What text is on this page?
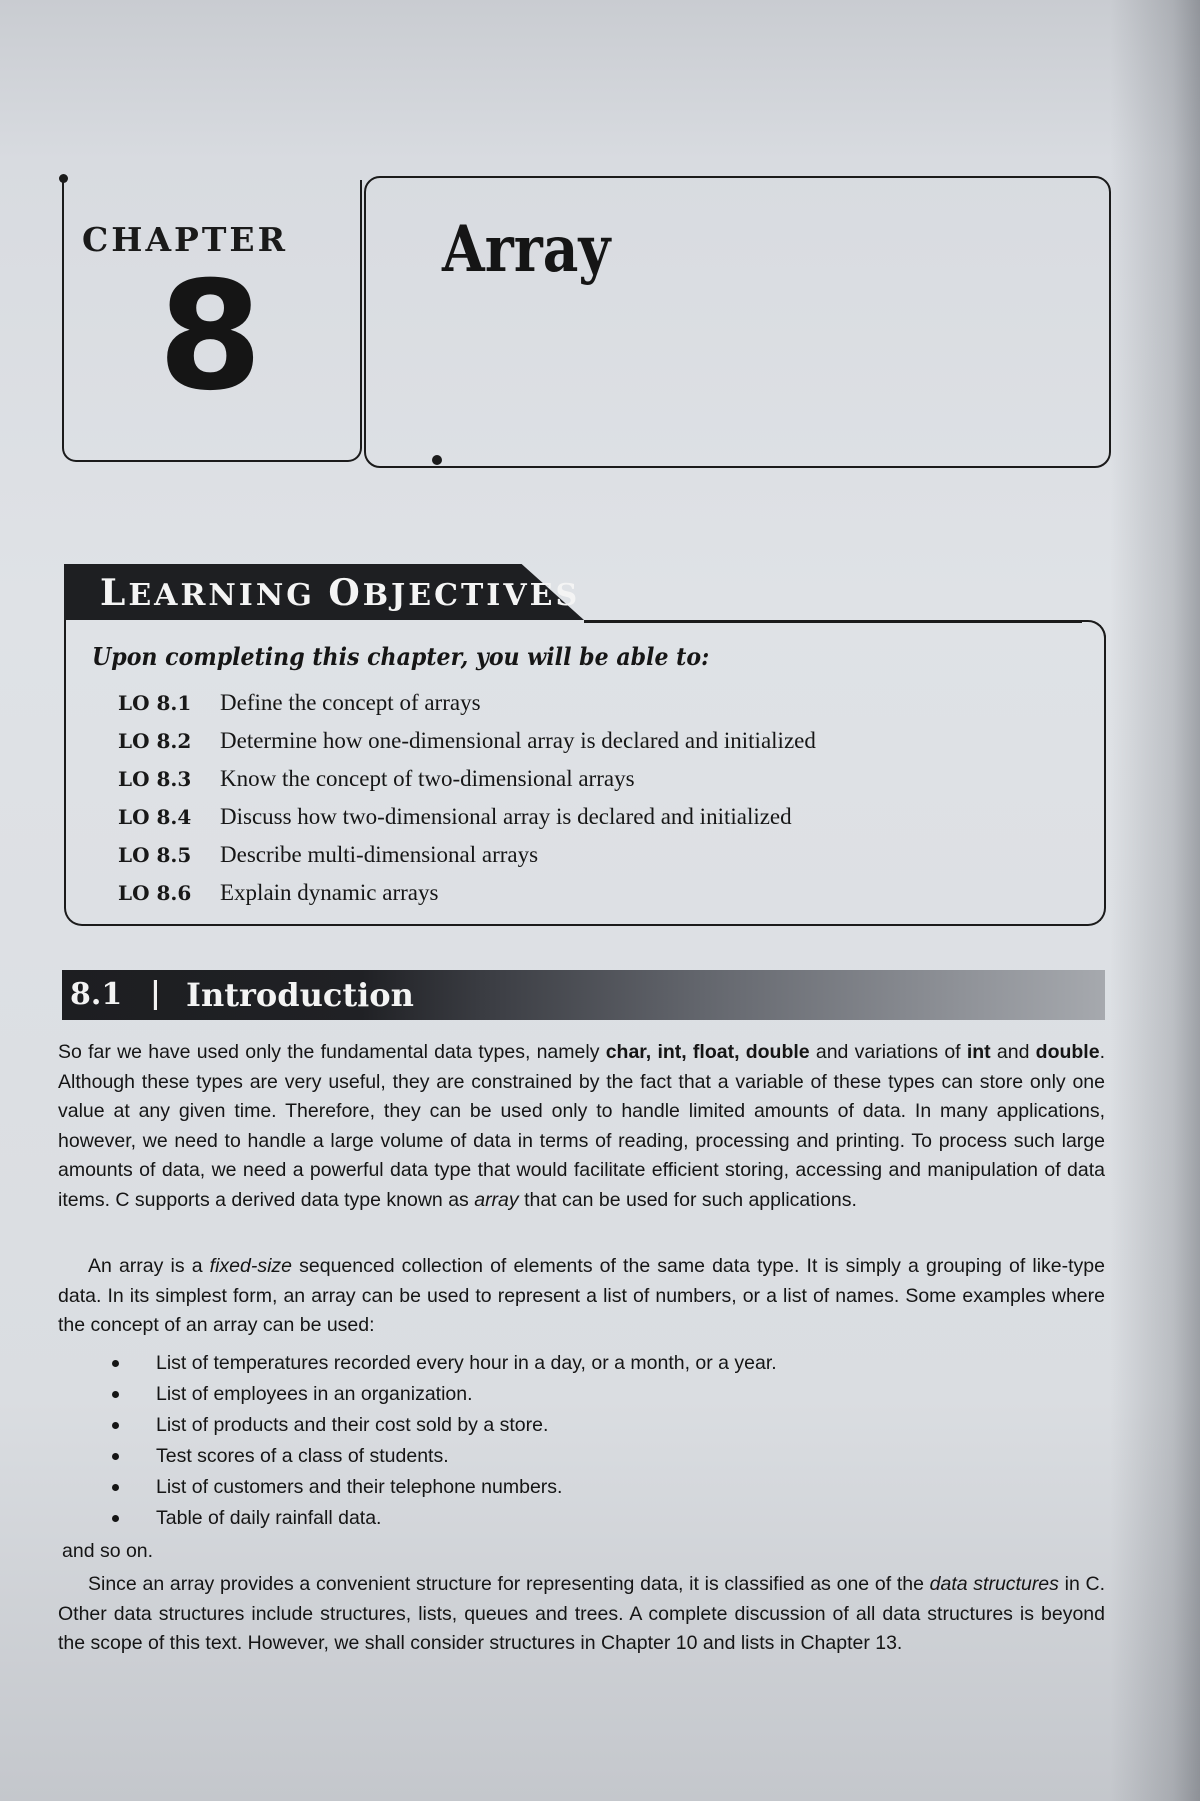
CHAPTER
8
Array
LEARNING OBJECTIVES
Upon completing this chapter, you will be able to:
LO 8.1	Define the concept of arrays
LO 8.2	Determine how one-dimensional array is declared and initialized
LO 8.3	Know the concept of two-dimensional arrays
LO 8.4	Discuss how two-dimensional array is declared and initialized
LO 8.5	Describe multi-dimensional arrays
LO 8.6	Explain dynamic arrays
8.1 | Introduction

So far we have used only the fundamental data types, namely char, int, float, double and variations of int and double. Although these types are very useful, they are constrained by the fact that a variable of these types can store only one value at any given time. Therefore, they can be used only to handle limited amounts of data. In many applications, however, we need to handle a large volume of data in terms of reading, processing and printing. To process such large amounts of data, we need a powerful data type that would facilitate efficient storing, accessing and manipulation of data items. C supports a derived data type known as array that can be used for such applications.

An array is a fixed-size sequenced collection of elements of the same data type. It is simply a grouping of like-type data. In its simplest form, an array can be used to represent a list of numbers, or a list of names. Some examples where the concept of an array can be used:

List of temperatures recorded every hour in a day, or a month, or a year.
List of employees in an organization.
List of products and their cost sold by a store.
Test scores of a class of students.
List of customers and their telephone numbers.
Table of daily rainfall data.

and so on.

Since an array provides a convenient structure for representing data, it is classified as one of the data structures in C. Other data structures include structures, lists, queues and trees. A complete discussion of all data structures is beyond the scope of this text. However, we shall consider structures in Chapter 10 and lists in Chapter 13.
